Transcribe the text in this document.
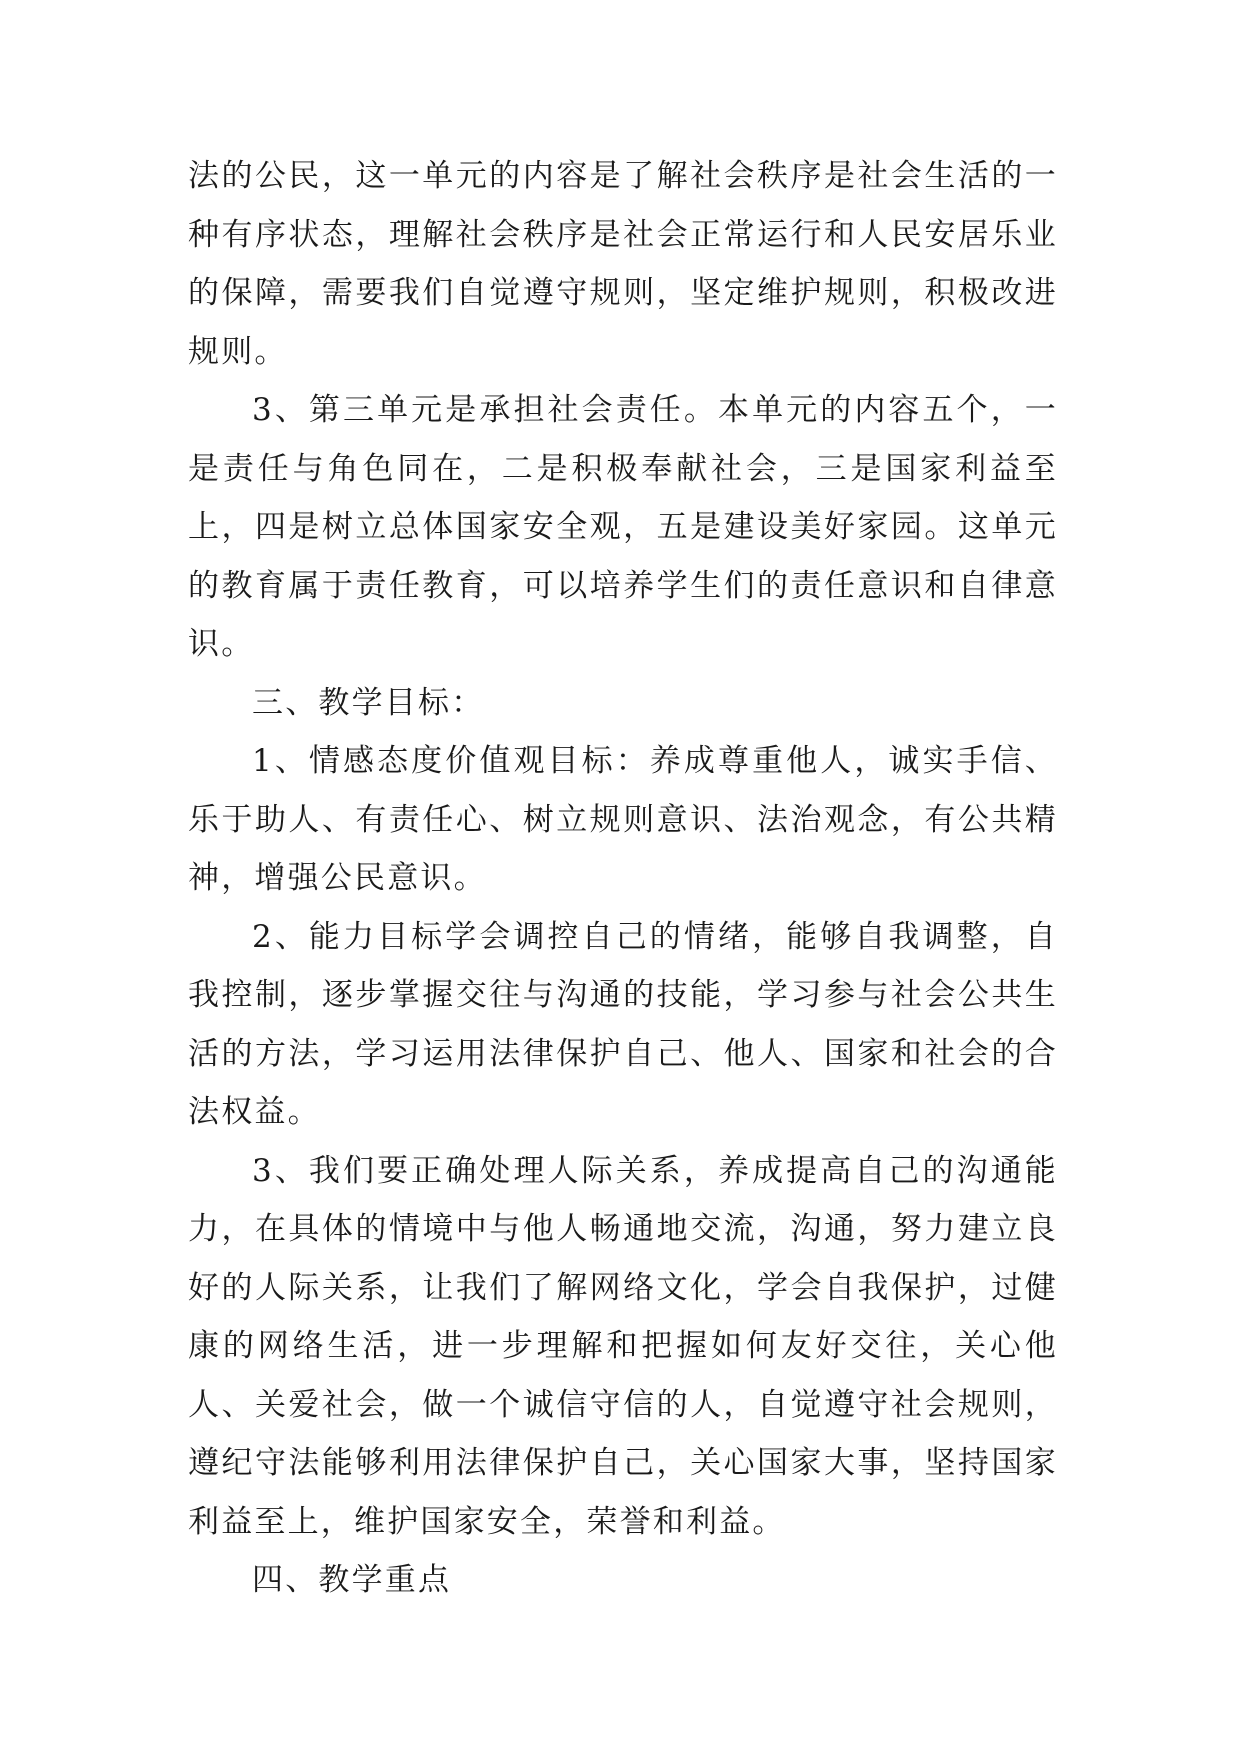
法的公民，这一单元的内容是了解社会秩序是社会生活的一种有序状态，理解社会秩序是社会正常运行和人民安居乐业的保障，需要我们自觉遵守规则，坚定维护规则，积极改进规则。

3、第三单元是承担社会责任。本单元的内容五个，一是责任与角色同在，二是积极奉献社会，三是国家利益至上，四是树立总体国家安全观，五是建设美好家园。这单元的教育属于责任教育，可以培养学生们的责任意识和自律意识。

三、教学目标：

1、情感态度价值观目标：养成尊重他人，诚实手信、乐于助人、有责任心、树立规则意识、法治观念，有公共精神，增强公民意识。

2、能力目标学会调控自己的情绪，能够自我调整，自我控制，逐步掌握交往与沟通的技能，学习参与社会公共生活的方法，学习运用法律保护自己、他人、国家和社会的合法权益。

3、我们要正确处理人际关系，养成提高自己的沟通能力，在具体的情境中与他人畅通地交流，沟通，努力建立良好的人际关系，让我们了解网络文化，学会自我保护，过健康的网络生活，进一步理解和把握如何友好交往，关心他人、关爱社会，做一个诚信守信的人，自觉遵守社会规则，遵纪守法能够利用法律保护自己，关心国家大事，坚持国家利益至上，维护国家安全，荣誉和利益。

四、教学重点
